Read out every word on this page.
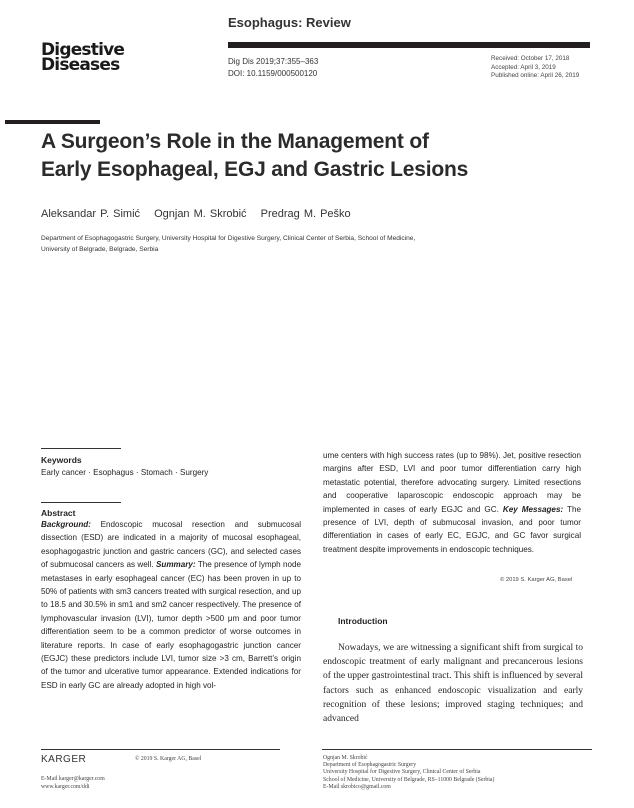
Digestive
Diseases
Esophagus: Review
Dig Dis 2019;37:355–363
DOI: 10.1159/000500120
Received: October 17, 2018
Accepted: April 3, 2019
Published online: April 26, 2019
A Surgeon’s Role in the Management of
Early Esophageal, EGJ and Gastric Lesions
Aleksandar P. Simić Ognjan M. Skrobić Predrag M. Peško
Department of Esophagogastric Surgery, University Hospital for Digestive Surgery, Clinical Center of Serbia, School of Medicine, University of Belgrade, Belgrade, Serbia
Keywords
Early cancer · Esophagus · Stomach · Surgery
Abstract
Background: Endoscopic mucosal resection and submucosal dissection (ESD) are indicated in a majority of mucosal esophageal, esophagogastric junction and gastric cancers (GC), and selected cases of submucosal cancers as well. Summary: The presence of lymph node metastases in early esophageal cancer (EC) has been proven in up to 50% of patients with sm3 cancers treated with surgical resection, and up to 18.5 and 30.5% in sm1 and sm2 cancer respectively. The presence of lymphovascular invasion (LVI), tumor depth >500 μm and poor tumor differentiation seem to be a common predictor of worse outcomes in literature reports. In case of early esophagogastric junction cancer (EGJC) these predictors include LVI, tumor size >3 cm, Barrett’s origin of the tumor and ulcerative tumor appearance. Extended indications for ESD in early GC are already adopted in high vol-
ume centers with high success rates (up to 98%). Jet, positive resection margins after ESD, LVI and poor tumor differentiation carry high metastatic potential, therefore advocating surgery. Limited resections and cooperative laparoscopic endoscopic approach may be implemented in cases of early EGJC and GC. Key Messages: The presence of LVI, depth of submucosal invasion, and poor tumor differentiation in cases of early EC, EGJC, and GC favor surgical treatment despite improvements in endoscopic techniques.
© 2019 S. Karger AG, Basel
Introduction
Nowadays, we are witnessing a significant shift from surgical to endoscopic treatment of early malignant and precancerous lesions of the upper gastrointestinal tract. This shift is influenced by several factors such as enhanced endoscopic visualization and early recognition of these lesions; improved staging techniques; and advanced
KARGER	© 2019 S. Karger AG, Basel
E-Mail karger@karger.com
www.karger.com/ddi
Ognjan M. Skrobić
Department of Esophagogastric Surgery
University Hospital for Digestive Surgery, Clinical Center of Serbia
School of Medicine, University of Belgrade, RS–11000 Belgrade (Serbia)
E-Mail skrobico@gmail.com
